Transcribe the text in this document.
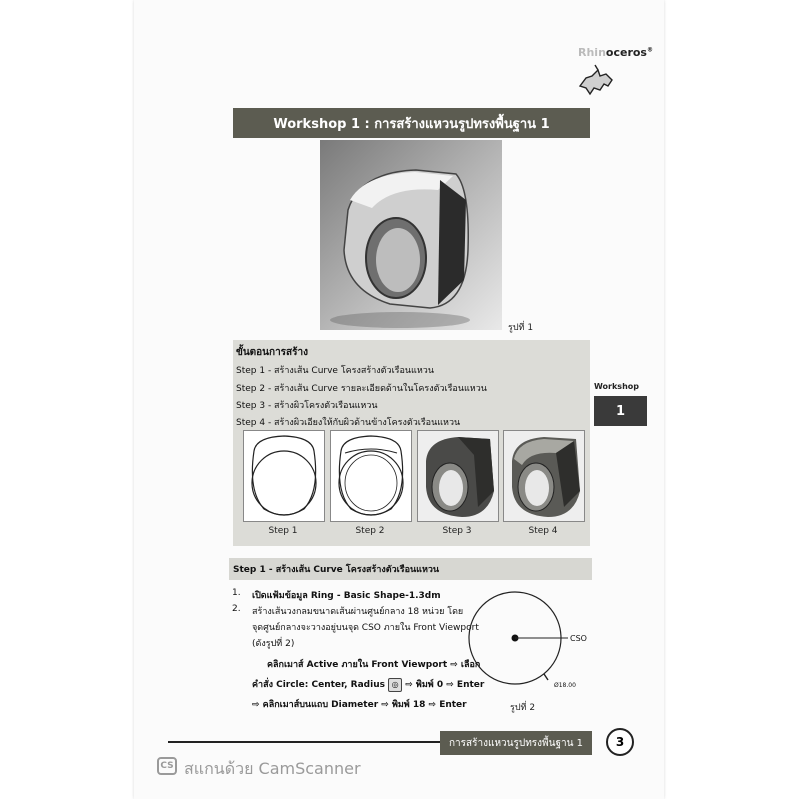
Rhinoceros®
Workshop 1 : การสร้างแหวนรูปทรงพื้นฐาน 1
รูปที่ 1
ขั้นตอนการสร้าง
Step 1 - สร้างเส้น Curve โครงสร้างตัวเรือนแหวน
Step 2 - สร้างเส้น Curve รายละเอียดด้านในโครงตัวเรือนแหวน
Step 3 - สร้างผิวโครงตัวเรือนแหวน
Step 4 - สร้างผิวเอียงให้กับผิวด้านข้างโครงตัวเรือนแหวน
Step 1	Step 2	Step 3	Step 4
Workshop
1
Step 1 - สร้างเส้น Curve โครงสร้างตัวเรือนแหวน
1. เปิดแฟ้มข้อมูล Ring - Basic Shape-1.3dm
2. สร้างเส้นวงกลมขนาดเส้นผ่านศูนย์กลาง 18 หน่วย โดย
จุดศูนย์กลางจะวางอยู่บนจุด CSO ภายใน Front Viewport
(ดังรูปที่ 2)
คลิกเมาส์ Active ภายใน Front Viewport ⇨ เลือก
คำสั่ง Circle: Center, Radius ◎ ⇨ พิมพ์ 0 ⇨ Enter
⇨ คลิกเมาส์บนแถบ Diameter ⇨ พิมพ์ 18 ⇨ Enter
CSO
Ø18.00
รูปที่ 2
การสร้างแหวนรูปทรงพื้นฐาน 1	3
CS สแกนด้วย CamScanner
